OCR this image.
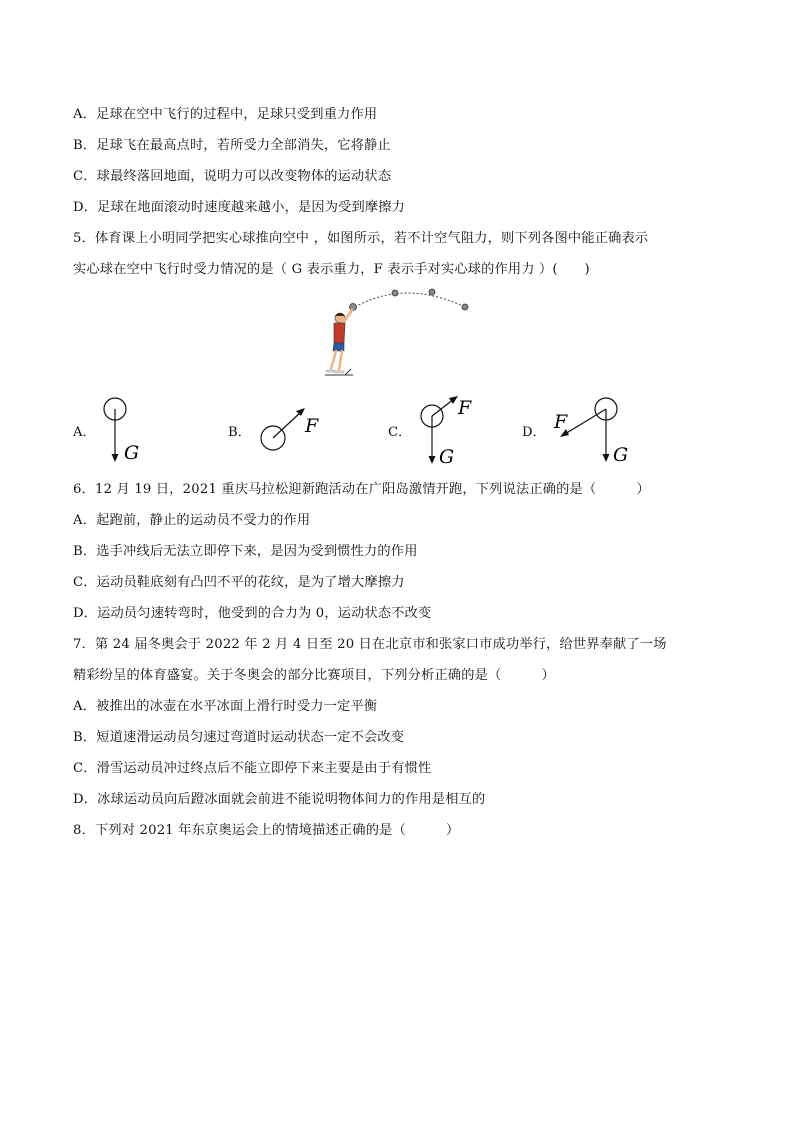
A．足球在空中飞行的过程中，足球只受到重力作用
B．足球飞在最高点时，若所受力全部消失，它将静止
C．球最终落回地面，说明力可以改变物体的运动状态
D．足球在地面滚动时速度越来越小，是因为受到摩擦力
5．体育课上小明同学把实心球推向空中 ，如图所示，若不计空气阻力，则下列各图中能正确表示
实心球在空中飞行时受力情况的是（ G 表示重力，F 表示手对实心球的作用力 ）(　　)
A．
G
B．	F	C．
F
G
D． F
G
6．12 月 19 日，2021 重庆马拉松迎新跑活动在广阳岛激情开跑，下列说法正确的是（　　　）
A．起跑前，静止的运动员不受力的作用
B．选手冲线后无法立即停下来，是因为受到惯性力的作用
C．运动员鞋底刻有凸凹不平的花纹，是为了增大摩擦力
D．运动员匀速转弯时，他受到的合力为 0，运动状态不改变
7．第 24 届冬奥会于 2022 年 2 月 4 日至 20 日在北京市和张家口市成功举行，给世界奉献了一场
精彩纷呈的体育盛宴。关于冬奥会的部分比赛项目，下列分析正确的是（　　　）
A．被推出的冰壶在水平冰面上滑行时受力一定平衡
B．短道速滑运动员匀速过弯道时运动状态一定不会改变
C．滑雪运动员冲过终点后不能立即停下来主要是由于有惯性
D．冰球运动员向后蹬冰面就会前进不能说明物体间力的作用是相互的
8．下列对 2021 年东京奥运会上的情境描述正确的是（　　　）
